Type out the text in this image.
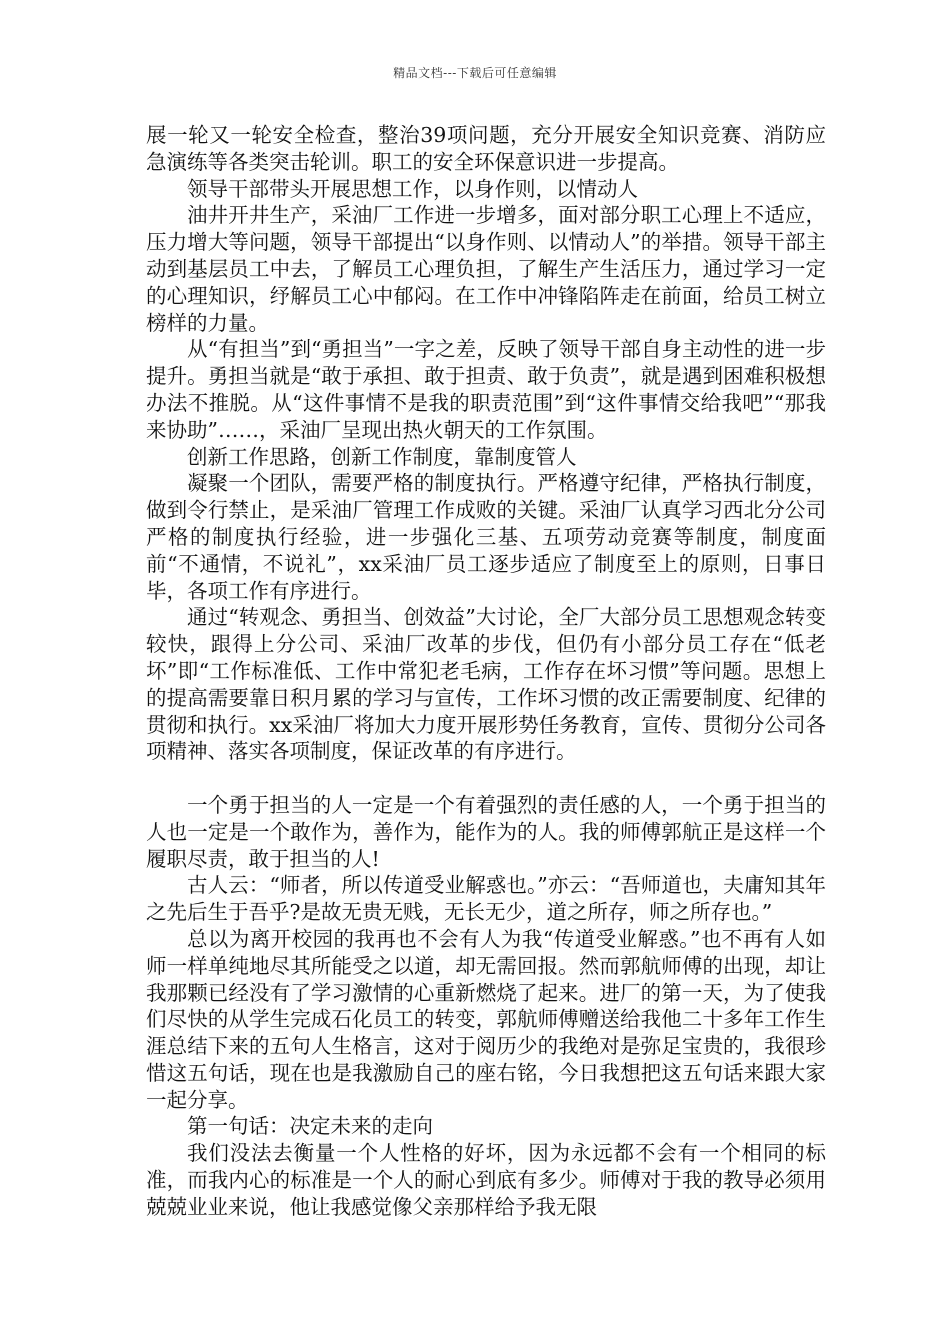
精品文档---下载后可任意编辑

展一轮又一轮安全检查，整治39项问题，充分开展安全知识竞赛、消防应急演练等各类突击轮训。职工的安全环保意识进一步提高。

领导干部带头开展思想工作，以身作则，以情动人

油井开井生产，采油厂工作进一步增多，面对部分职工心理上不适应，压力增大等问题，领导干部提出“以身作则、以情动人”的举措。领导干部主动到基层员工中去，了解员工心理负担，了解生产生活压力，通过学习一定的心理知识，纾解员工心中郁闷。在工作中冲锋陷阵走在前面，给员工树立榜样的力量。

从“有担当”到“勇担当”一字之差，反映了领导干部自身主动性的进一步提升。勇担当就是“敢于承担、敢于担责、敢于负责”，就是遇到困难积极想办法不推脱。从“这件事情不是我的职责范围”到“这件事情交给我吧”“那我来协助”……，采油厂呈现出热火朝天的工作氛围。

创新工作思路，创新工作制度，靠制度管人

凝聚一个团队，需要严格的制度执行。严格遵守纪律，严格执行制度，做到令行禁止，是采油厂管理工作成败的关键。采油厂认真学习西北分公司严格的制度执行经验，进一步强化三基、五项劳动竞赛等制度，制度面前“不通情，不说礼”，xx采油厂员工逐步适应了制度至上的原则，日事日毕，各项工作有序进行。

通过“转观念、勇担当、创效益”大讨论，全厂大部分员工思想观念转变较快，跟得上分公司、采油厂改革的步伐，但仍有小部分员工存在“低老坏”即“工作标准低、工作中常犯老毛病，工作存在坏习惯”等问题。思想上的提高需要靠日积月累的学习与宣传，工作坏习惯的改正需要制度、纪律的贯彻和执行。xx采油厂将加大力度开展形势任务教育，宣传、贯彻分公司各项精神、落实各项制度，保证改革的有序进行。

一个勇于担当的人一定是一个有着强烈的责任感的人，一个勇于担当的人也一定是一个敢作为，善作为，能作为的人。我的师傅郭航正是这样一个履职尽责，敢于担当的人!

古人云：“师者，所以传道受业解惑也。”亦云：“吾师道也，夫庸知其年之先后生于吾乎?是故无贵无贱，无长无少，道之所存，师之所存也。”

总以为离开校园的我再也不会有人为我“传道受业解惑。”也不再有人如师一样单纯地尽其所能受之以道，却无需回报。然而郭航师傅的出现，却让我那颗已经没有了学习激情的心重新燃烧了起来。进厂的第一天，为了使我们尽快的从学生完成石化员工的转变，郭航师傅赠送给我他二十多年工作生涯总结下来的五句人生格言，这对于阅历少的我绝对是弥足宝贵的，我很珍惜这五句话，现在也是我激励自己的座右铭，今日我想把这五句话来跟大家一起分享。

第一句话：决定未来的走向

我们没法去衡量一个人性格的好坏，因为永远都不会有一个相同的标准，而我内心的标准是一个人的耐心到底有多少。师傅对于我的教导必须用兢兢业业来说，他让我感觉像父亲那样给予我无限
